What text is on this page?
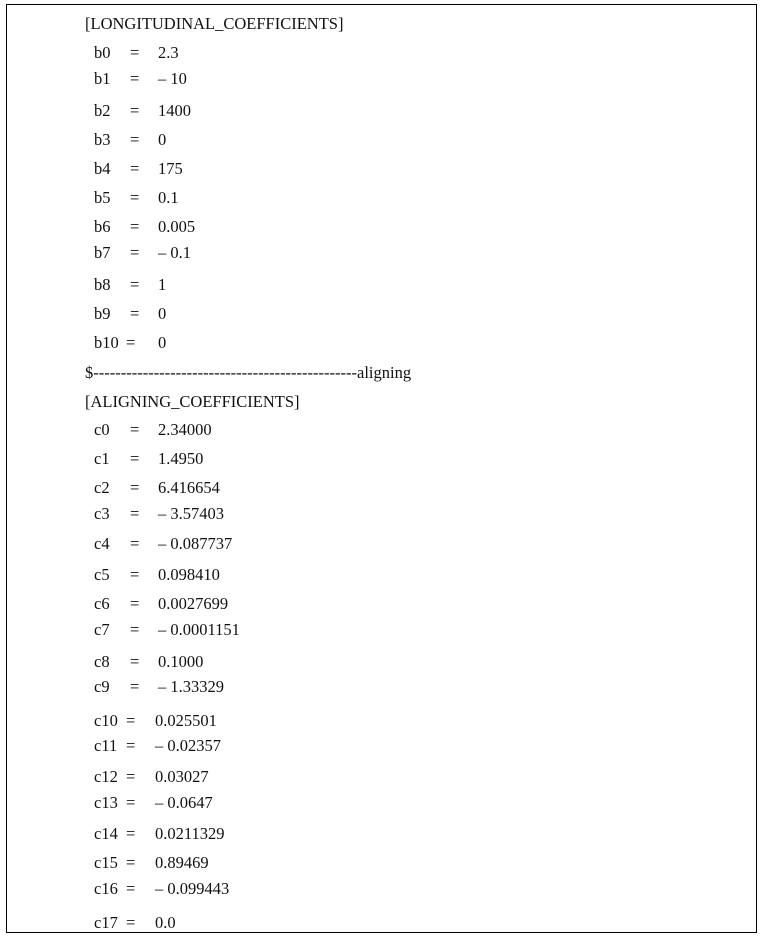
[LONGITUDINAL_COEFFICIENTS]
b0 = 2.3
b1 = – 10
b2 = 1400
b3 = 0
b4 = 175
b5 = 0.1
b6 = 0.005
b7 = – 0.1
b8 = 1
b9 = 0
b10 = 0
$------------------------------------------------aligning
[ALIGNING_COEFFICIENTS]
c0 = 2.34000
c1 = 1.4950
c2 = 6.416654
c3 = – 3.57403
c4 = – 0.087737
c5 = 0.098410
c6 = 0.0027699
c7 = – 0.0001151
c8 = 0.1000
c9 = – 1.33329
c10 = 0.025501
c11 = – 0.02357
c12 = 0.03027
c13 = – 0.0647
c14 = 0.0211329
c15 = 0.89469
c16 = – 0.099443
c17 = 0.0
